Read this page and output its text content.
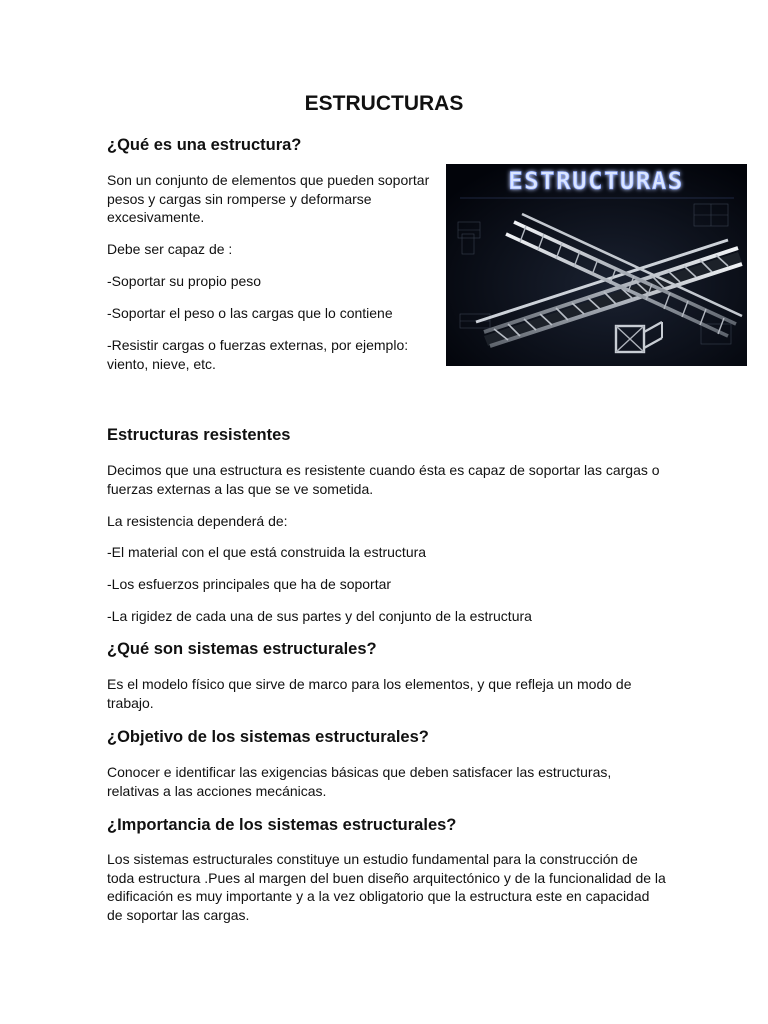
ESTRUCTURAS
¿Qué es una estructura?

Son un conjunto de elementos que pueden soportar pesos y cargas sin romperse y deformarse excesivamente.

Debe ser capaz de :

-Soportar su propio peso

-Soportar el peso o las cargas que lo contiene

-Resistir cargas o fuerzas externas, por ejemplo: viento, nieve, etc.

ESTRUCTURAS
Estructuras resistentes

Decimos que una estructura es resistente cuando ésta es capaz de soportar las cargas o fuerzas externas a las que se ve sometida.

La resistencia dependerá de:

-El material con el que está construida la estructura

-Los esfuerzos principales que ha de soportar

-La rigidez de cada una de sus partes y del conjunto de la estructura

¿Qué son sistemas estructurales?

Es el modelo físico que sirve de marco para los elementos, y que refleja un modo de trabajo.

¿Objetivo de los sistemas estructurales?

Conocer e identificar las exigencias básicas que deben satisfacer las estructuras, relativas a las acciones mecánicas.

¿Importancia de los sistemas estructurales?

Los sistemas estructurales constituye un estudio fundamental para la construcción de toda estructura .Pues al margen del buen diseño arquitectónico y de la funcionalidad de la edificación es muy importante y a la vez obligatorio que la estructura este en capacidad de soportar las cargas.
